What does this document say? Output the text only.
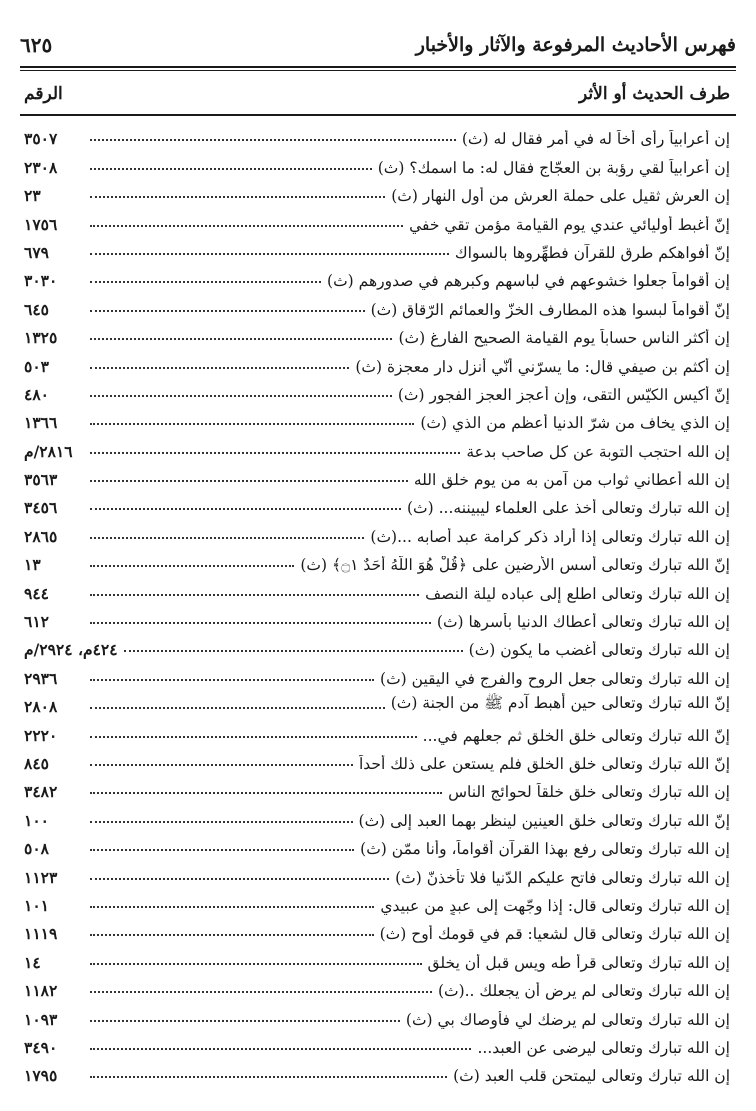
فهرس الأحاديث المرفوعة والآثار والأخبار
٦٢٥
طرف الحديث أو الأثر
الرقم
إن أعرابياً رأى أخاً له في أمر فقال له (ث)
٣٥٠٧
إن أعرابياً لقي رؤبة بن العجّاج فقال له: ما اسمك؟ (ث)
٢٣٠٨
إن العرش ثقيل على حملة العرش من أول النهار (ث)
٢٣
إنّ أغبط أوليائي عندي يوم القيامة مؤمن تقي خفي
١٧٥٦
إنّ أفواهكم طرق للقرآن فطهِّروها بالسواك
٦٧٩
إن أقواماً جعلوا خشوعهم في لباسهم وكبرهم في صدورهم (ث)
٣٠٣٠
إنّ أقواماً لبسوا هذه المطارف الخزّ والعمائم الرّقاق (ث)
٦٤٥
إن أكثر الناس حساباً يوم القيامة الصحيح الفارغ (ث)
١٣٢٥
إن أكثم بن صيفي قال: ما يسرّني أنّي أنزل دار معجزة (ث)
٥٠٣
إنّ أكيس الكيّس التقى، وإن أعجز العجز الفجور (ث)
٤٨٠
إن الذي يخاف من شرّ الدنيا أعظم من الذي (ث)
١٣٦٦
إن الله احتجب التوبة عن كل صاحب بدعة
٢٨١٦/م
إن الله أعطاني ثواب من آمن به من يوم خلق الله
٣٥٦٣
إن الله تبارك وتعالى أخذ على العلماء ليبيننه... (ث)
٣٤٥٦
إن الله تبارك وتعالى إذا أراد ذكر كرامة عبد أصابه ...(ث)
٢٨٦٥
إنّ الله تبارك وتعالى أسس الأرضين على ﴿قُلْ هُوَ اللَّهُ أَحَدٌ ۝١﴾ (ث)
١٣
إن الله تبارك وتعالى اطلع إلى عباده ليلة النصف
٩٤٤
إن الله تبارك وتعالى أعطاك الدنيا بأسرها (ث)
٦١٢
إن الله تبارك وتعالى أغضب ما يكون (ث)
٤٢٤م، ٢٩٢٤/م
إن الله تبارك وتعالى جعل الروح والفرج في اليقين (ث)
٢٩٣٦
إنّ الله تبارك وتعالى حين أهبط آدم ﷺ من الجنة (ث)
٢٨٠٨
إنّ الله تبارك وتعالى خلق الخلق ثم جعلهم في...
٢٢٢٠
إنّ الله تبارك وتعالى خلق الخلق فلم يستعن على ذلك أحداً
٨٤٥
إن الله تبارك وتعالى خلق خلقاً لحوائج الناس
٣٤٨٢
إنّ الله تبارك وتعالى خلق العينين لينظر بهما العبد إلى (ث)
١٠٠
إن الله تبارك وتعالى رفع بهذا القرآن أقواماً، وأنا ممّن (ث)
٥٠٨
إن الله تبارك وتعالى فاتح عليكم الدّنيا فلا تأخذنّ (ث)
١١٢٣
إن الله تبارك وتعالى قال: إذا وجّهت إلى عبدٍ من عبيدي
١٠١
إن الله تبارك وتعالى قال لشعيا: قم في قومك أوح (ث)
١١١٩
إن الله تبارك وتعالى قرأ طه ويس قبل أن يخلق
١٤
إن الله تبارك وتعالى لم يرض أن يجعلك ..(ث)
١١٨٢
إن الله تبارك وتعالى لم يرضك لي فأوصاك بي (ث)
١٠٩٣
إن الله تبارك وتعالى ليرضى عن العبد...
٣٤٩٠
إن الله تبارك وتعالى ليمتحن قلب العبد (ث)
١٧٩٥
